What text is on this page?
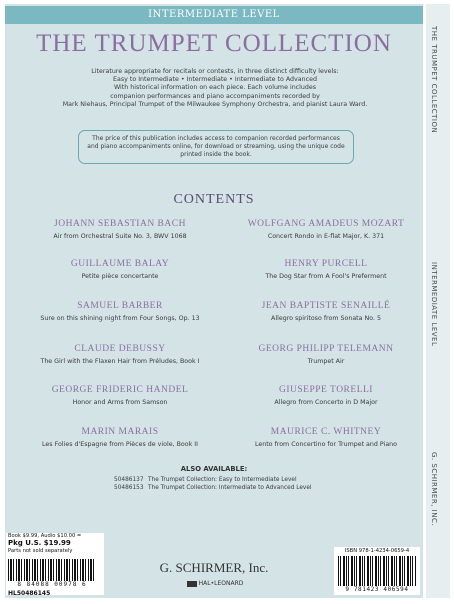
THE TRUMPET COLLECTION
INTERMEDIATE LEVEL
G. SCHIRMER, INC.
INTERMEDIATE LEVEL
THE TRUMPET COLLECTION
Literature appropriate for recitals or contests, in three distinct difficulty levels:
Easy to Intermediate • Intermediate • Intermediate to Advanced
With historical information on each piece. Each volume includes
companion performances and piano accompaniments recorded by
Mark Niehaus, Principal Trumpet of the Milwaukee Symphony Orchestra, and pianist Laura Ward.
The price of this publication includes access to companion recorded performances
and piano accompaniments online, for download or streaming, using the unique code
printed inside the book.
CONTENTS
JOHANN SEBASTIAN BACH
Air from Orchestral Suite No. 3, BWV 1068
GUILLAUME BALAY
Petite pièce concertante
SAMUEL BARBER
Sure on this shining night from Four Songs, Op. 13
CLAUDE DEBUSSY
The Girl with the Flaxen Hair from Préludes, Book I
GEORGE FRIDERIC HANDEL
Honor and Arms from Samson
MARIN MARAIS
Les Folies d'Espagne from Pièces de viole, Book II
WOLFGANG AMADEUS MOZART
Concert Rondo in E-flat Major, K. 371
HENRY PURCELL
The Dog Star from A Fool's Preferment
JEAN BAPTISTE SENAILLÉ
Allegro spiritoso from Sonata No. 5
GEORG PHILIPP TELEMANN
Trumpet Air
GIUSEPPE TORELLI
Allegro from Concerto in D Major
MAURICE C. WHITNEY
Lento from Concertino for Trumpet and Piano
ALSO AVAILABLE:
50486137 The Trumpet Collection: Easy to Intermediate Level
50486153 The Trumpet Collection: Intermediate to Advanced Level
Book $9.99, Audio $10.00 =
Pkg U.S. $19.99
Parts not sold separately
8 84088 00978 6
HL50486145
G. SCHIRMER, Inc.
HAL•LEONARD
ISBN 978-1-4234-0659-4
9 781423 406594
